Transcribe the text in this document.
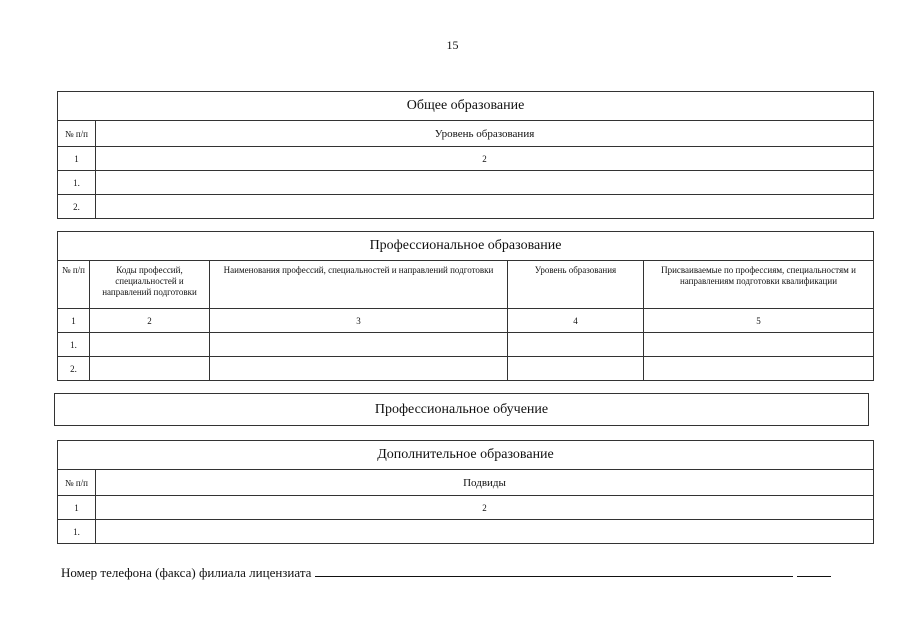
15
Общее образование	
№ п/п	Уровень образования
1	2
1.	
2.	
Профессиональное образование				
№ п/п	Коды профессий, специальностей и направлений подготовки	Наименования профессий, специальностей и направлений подготовки	Уровень образования	Присваиваемые по профессиям, специальностям и направлениям подготовки квалификации
1	2	3	4	5
1.				
2.				
Профессиональное обучение
Дополнительное образование	
№ п/п	Подвиды
1	2
1.	
Номер телефона (факса) филиала лицензиата
